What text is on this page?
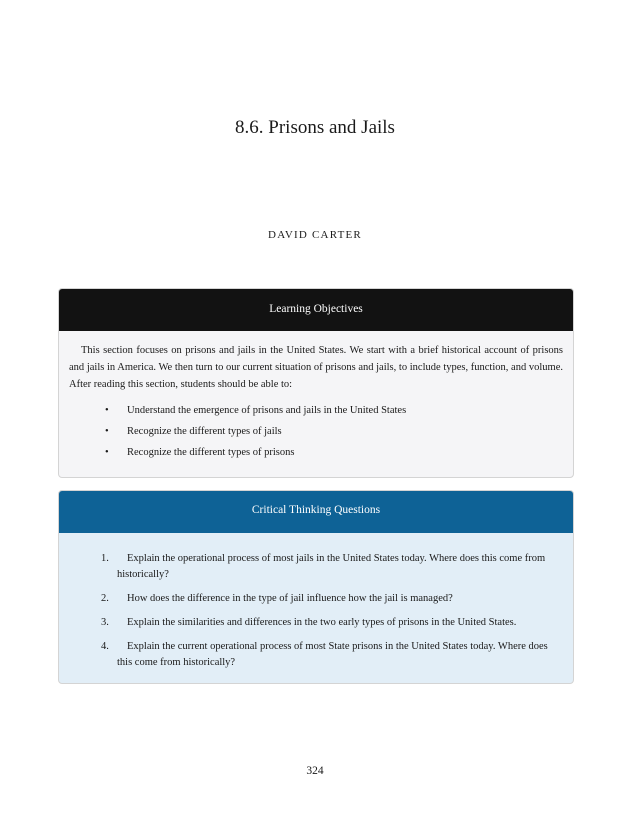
8.6. Prisons and Jails
DAVID CARTER
Learning Objectives

This section focuses on prisons and jails in the United States. We start with a brief historical account of prisons and jails in America. We then turn to our current situation of prisons and jails, to include types, function, and volume. After reading this section, students should be able to:

• Understand the emergence of prisons and jails in the United States
• Recognize the different types of jails
• Recognize the different types of prisons
Critical Thinking Questions
1.	Explain the operational process of most jails in the United States today. Where does this come from historically?
2.	How does the difference in the type of jail influence how the jail is managed?
3.	Explain the similarities and differences in the two early types of prisons in the United States.
4.	Explain the current operational process of most State prisons in the United States today. Where does this come from historically?
324
